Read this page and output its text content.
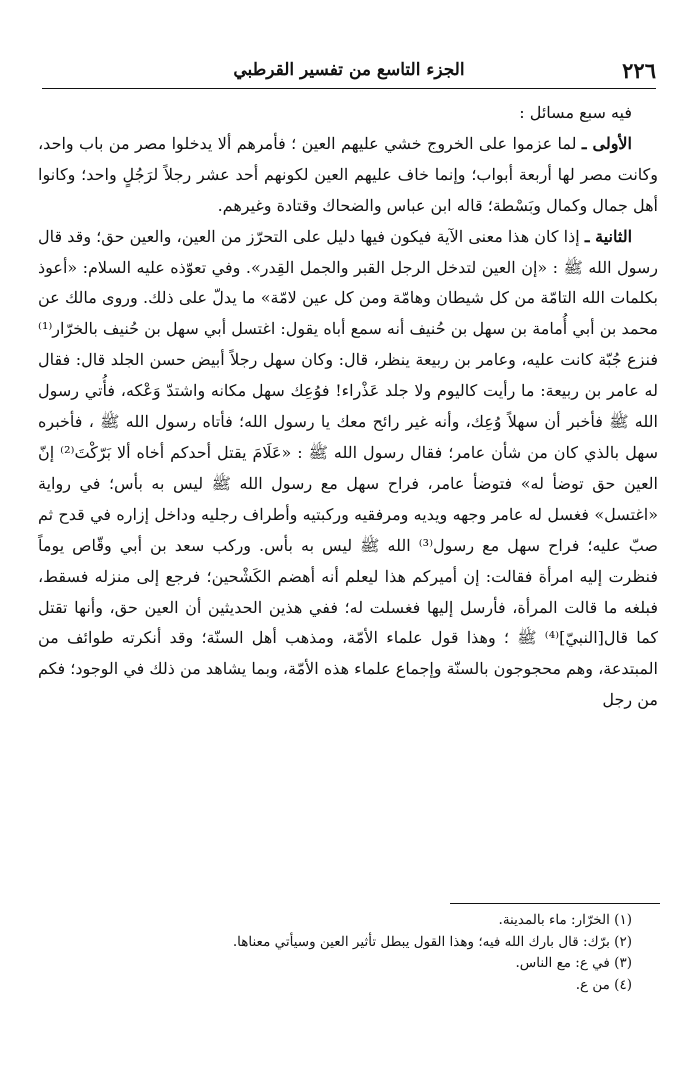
٢٢٦
الجزء التاسع من تفسير القرطبي

فيه سبع مسائل :

الأولى ـ لما عزموا على الخروج خشي عليهم العين ؛ فأمرهم ألا يدخلوا مصر من باب واحد، وكانت مصر لها أربعة أبواب؛ وإنما خاف عليهم العين لكونهم أحد عشر رجلاً لرَجُلٍ واحد؛ وكانوا أهل جمال وكمال وبَسْطة؛ قاله ابن عباس والضحاك وقتادة وغيرهم.

الثانية ـ إذا كان هذا معنى الآية فيكون فيها دليل على التحرّز من العين، والعين حق؛ وقد قال رسول الله ﷺ : «إن العين لتدخل الرجل القبر والجمل القِدر». وفي تعوّذه عليه السلام: «أعوذ بكلمات الله التامّة من كل شيطان وهامّة ومن كل عين لامّة» ما يدلّ على ذلك. وروى مالك عن محمد بن أبي أُمامة بن سهل بن حُنيف أنه سمع أباه يقول: اغتسل أبي سهل بن حُنيف بالخرّار⁽¹⁾ فنزع جُبّة كانت عليه، وعامر بن ربيعة ينظر، قال: وكان سهل رجلاً أبيض حسن الجلد قال: فقال له عامر بن ربيعة: ما رأيت كاليوم ولا جلد عَذْراء! فوُعِك سهل مكانه واشتدّ وَعْكه، فأُتي رسول الله ﷺ فأخبر أن سهلاً وُعِك، وأنه غير رائح معك يا رسول الله؛ فأتاه رسول الله ﷺ ، فأخبره سهل بالذي كان من شأن عامر؛ فقال رسول الله ﷺ : «عَلَامَ يقتل أحدكم أخاه ألا بَرّكْتَ⁽²⁾ إنّ العين حق توضأ له» فتوضأ عامر، فراح سهل مع رسول الله ﷺ ليس به بأس؛ في رواية «اغتسل» فغسل له عامر وجهه ويديه ومرفقيه وركبتيه وأطراف رجليه وداخل إزاره في قدح ثم صبّ عليه؛ فراح سهل مع رسول⁽³⁾ الله ﷺ ليس به بأس. وركب سعد بن أبي وقّاص يوماً فنظرت إليه امرأة فقالت: إن أميركم هذا ليعلم أنه أهضم الكَشْحين؛ فرجع إلى منزله فسقط، فبلغه ما قالت المرأة، فأرسل إليها فغسلت له؛ ففي هذين الحديثين أن العين حق، وأنها تقتل كما قال[النبيّ]⁽⁴⁾ ﷺ ؛ وهذا قول علماء الأمّة، ومذهب أهل السنّة؛ وقد أنكرته طوائف من المبتدعة، وهم محجوجون بالسنّة وإجماع علماء هذه الأمّة، وبما يشاهد من ذلك في الوجود؛ فكم من رجل

(١) الخرّار: ماء بالمدينة.
(٢) برّك: قال بارك الله فيه؛ وهذا القول يبطل تأثير العين وسيأتي معناها.
(٣) في ع: مع الناس.
(٤) من ع.
